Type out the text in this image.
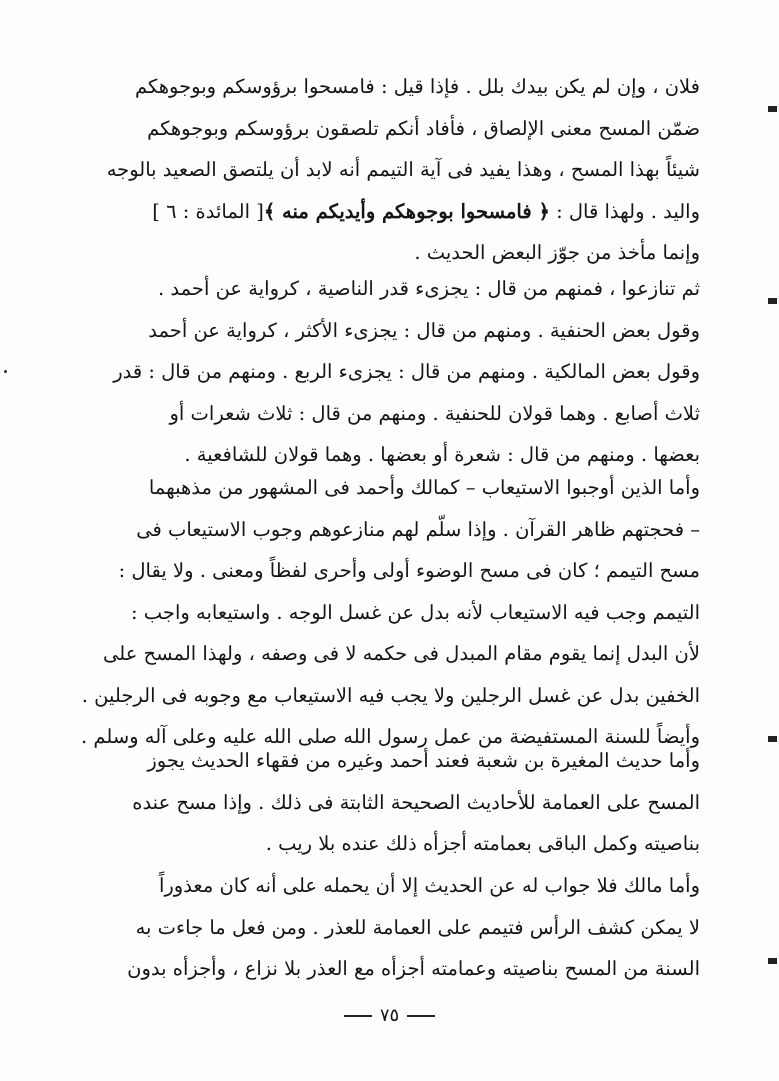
فلان ، وإن لم يكن بيدك بلل . فإذا قيل : فامسحوا برؤوسكم وبوجوهكم
ضمّن المسح معنى الإلصاق ، فأفاد أنكم تلصقون برؤوسكم وبوجوهكم
شيئاً بهذا المسح ، وهذا يفيد فى آية التيمم أنه لابد أن يلتصق الصعيد بالوجه
واليد . ولهذا قال : ﴿ فامسحوا بوجوهكم وأيديكم منه ﴾[ المائدة : ٦ ]
وإنما مأخذ من جوّز البعض الحديث .
ثم تنازعوا ، فمنهم من قال : يجزىء قدر الناصية ، كرواية عن أحمد .
وقول بعض الحنفية . ومنهم من قال : يجزىء الأكثر ، كرواية عن أحمد
وقول بعض المالكية . ومنهم من قال : يجزىء الربع . ومنهم من قال : قدر
ثلاث أصابع . وهما قولان للحنفية . ومنهم من قال : ثلاث شعرات أو
بعضها . ومنهم من قال : شعرة أو بعضها . وهما قولان للشافعية .
وأما الذين أوجبوا الاستيعاب – كمالك وأحمد فى المشهور من مذهبهما
– فحجتهم ظاهر القرآن . وإذا سلّم لهم منازعوهم وجوب الاستيعاب فى
مسح التيمم ؛ كان فى مسح الوضوء أولى وأحرى لفظاً ومعنى . ولا يقال :
التيمم وجب فيه الاستيعاب لأنه بدل عن غسل الوجه . واستيعابه واجب :
لأن البدل إنما يقوم مقام المبدل فى حكمه لا فى وصفه ، ولهذا المسح على
الخفين بدل عن غسل الرجلين ولا يجب فيه الاستيعاب مع وجوبه فى الرجلين .
وأيضاً للسنة المستفيضة من عمل رسول الله صلى الله عليه وعلى آله وسلم .
وأما حديث المغيرة بن شعبة فعند أحمد وغيره من فقهاء الحديث يجوز
المسح على العمامة للأحاديث الصحيحة الثابتة فى ذلك . وإذا مسح عنده
بناصيته وكمل الباقى بعمامته أجزأه ذلك عنده بلا ريب .
وأما مالك فلا جواب له عن الحديث إلا أن يحمله على أنه كان معذوراً
لا يمكن كشف الرأس فتيمم على العمامة للعذر . ومن فعل ما جاءت به
السنة من المسح بناصيته وعمامته أجزأه مع العذر بلا نزاع ، وأجزأه بدون
٧٥
